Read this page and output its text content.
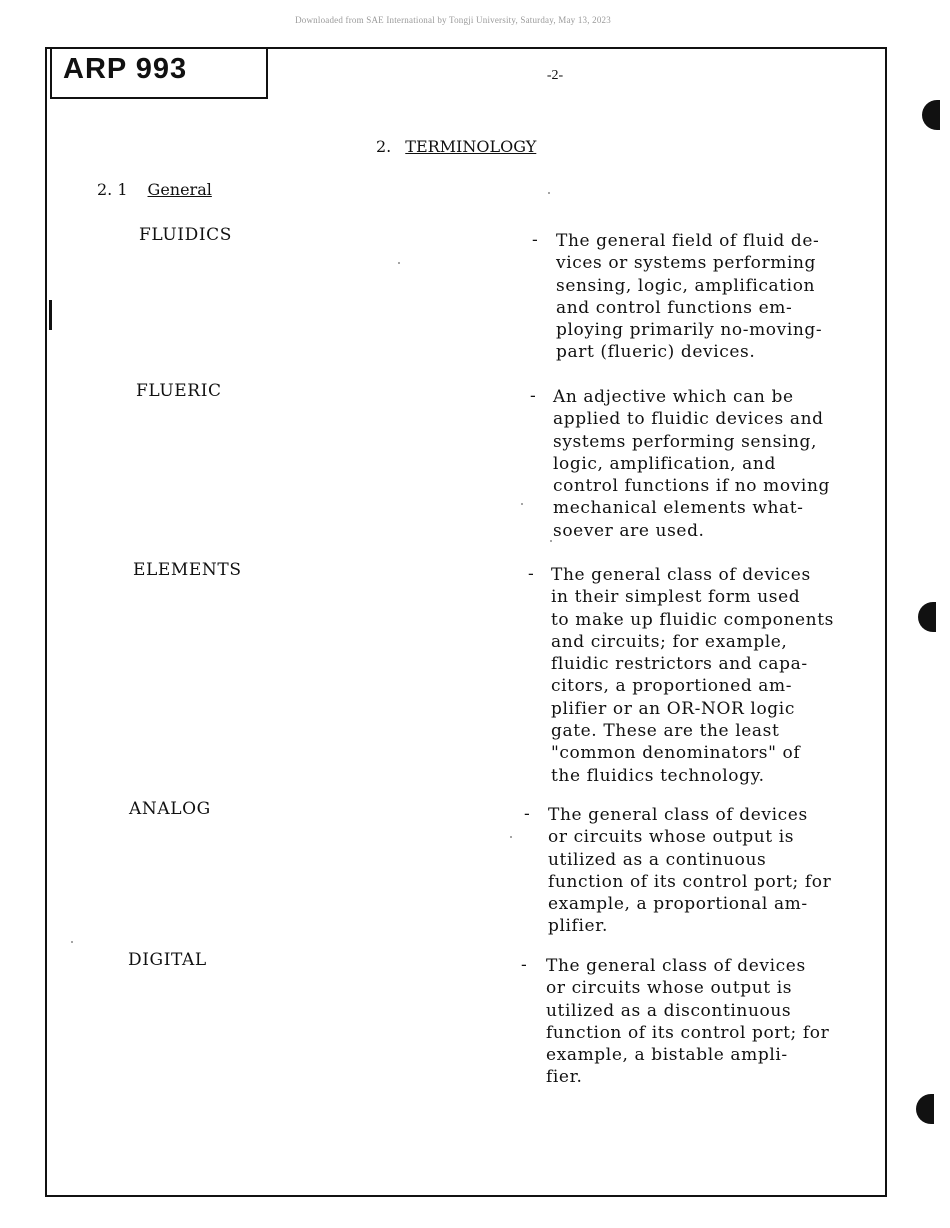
Downloaded from SAE International by Tongji University, Saturday, May 13, 2023
ARP 993	-2-
2. TERMINOLOGY
2. 1 General
FLUIDICS	- The general field of fluid de-
vices or systems performing
sensing, logic, amplification
and control functions em-
ploying primarily no-moving-
part (flueric) devices.
FLUERIC	- An adjective which can be
applied to fluidic devices and
systems performing sensing,
logic, amplification, and
control functions if no moving
mechanical elements what-
soever are used.
ELEMENTS	- The general class of devices
in their simplest form used
to make up fluidic components
and circuits; for example,
fluidic restrictors and capa-
citors, a proportioned am-
plifier or an OR-NOR logic
gate. These are the least
"common denominators" of
the fluidics technology.
ANALOG	- The general class of devices
or circuits whose output is
utilized as a continuous
function of its control port; for
example, a proportional am-
plifier.
DIGITAL	- The general class of devices
or circuits whose output is
utilized as a discontinuous
function of its control port; for
example, a bistable ampli-
fier.
